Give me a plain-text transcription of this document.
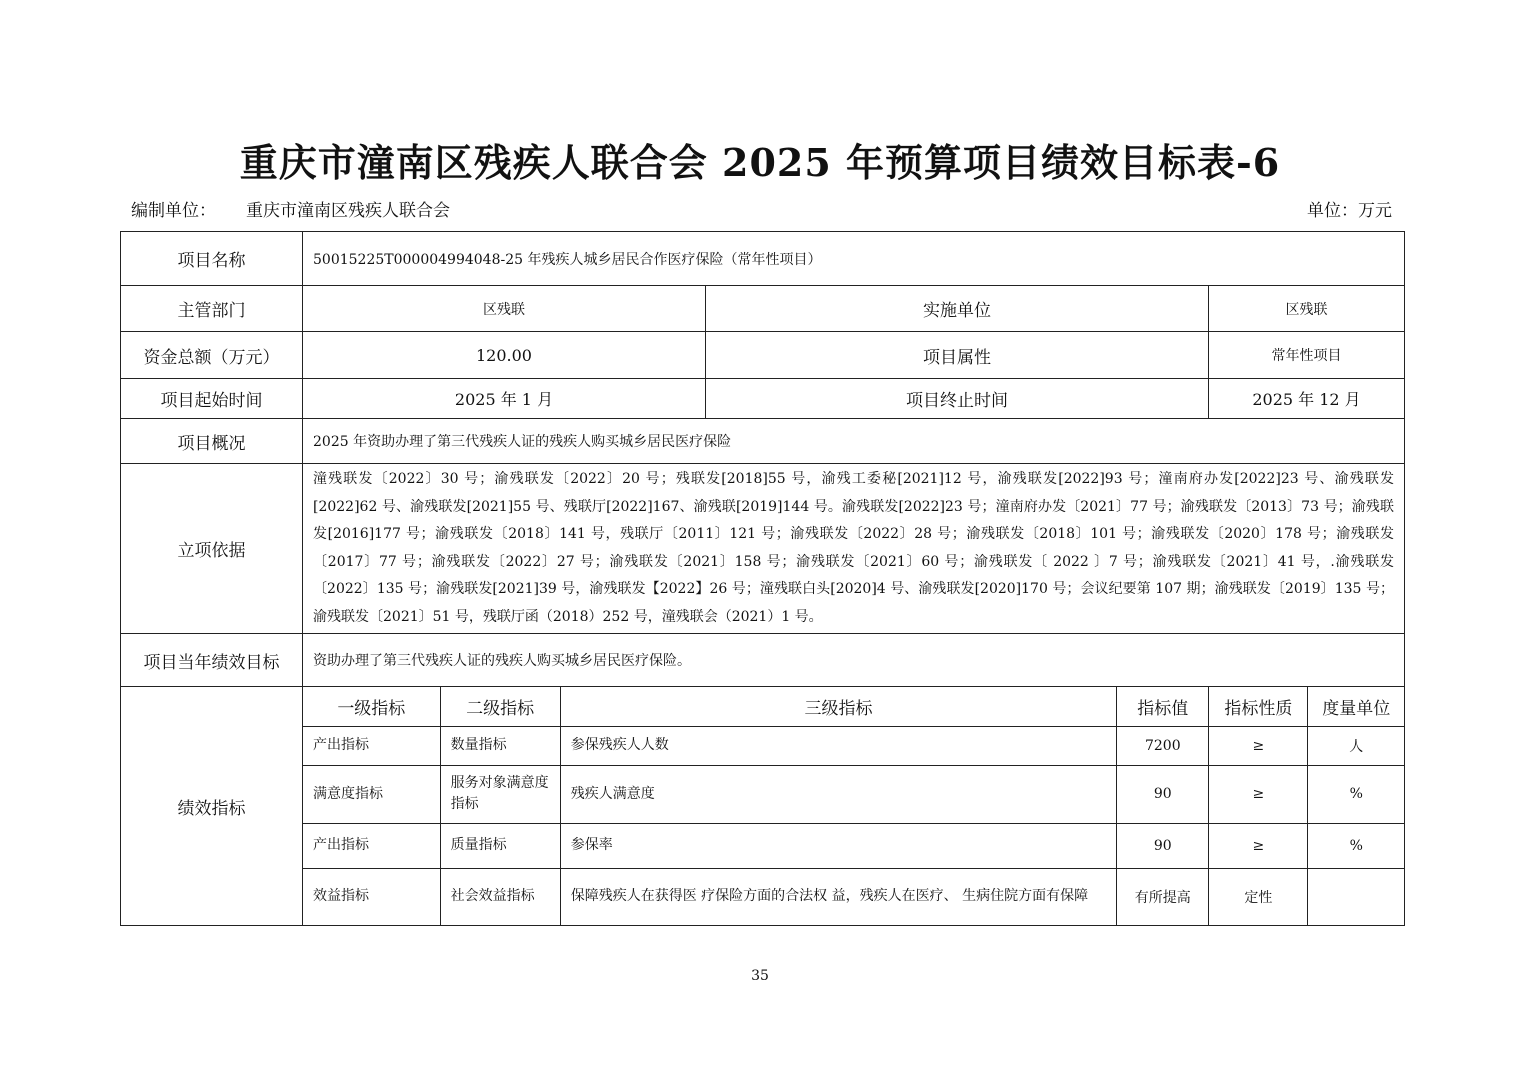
重庆市潼南区残疾人联合会 2025 年预算项目绩效目标表-6
编制单位： 重庆市潼南区残疾人联合会	单位：万元
项目名称	50015225T000004994048-25 年残疾人城乡居民合作医疗保险（常年性项目）
主管部门	区残联	实施单位	区残联
资金总额（万元）	120.00	项目属性	常年性项目
项目起始时间	2025 年 1 月	项目终止时间	2025 年 12 月
项目概况	2025 年资助办理了第三代残疾人证的残疾人购买城乡居民医疗保险
立项依据	潼残联发〔2022〕30 号；渝残联发〔2022〕20 号；残联发[2018]55 号，渝残工委秘[2021]12 号，渝残联发[2022]93 号；潼南府办发[2022]23 号、渝残联发[2022]62 号、渝残联发[2021]55 号、残联厅[2022]167、渝残联[2019]144 号。渝残联发[2022]23 号；潼南府办发〔2021〕77 号；渝残联发〔2013〕73 号；渝残联发[2016]177 号；渝残联发〔2018〕141 号，残联厅〔2011〕121 号；渝残联发〔2022〕28 号；渝残联发〔2018〕101 号；渝残联发〔2020〕178 号；渝残联发〔2017〕77 号；渝残联发〔2022〕27 号；渝残联发〔2021〕158 号；渝残联发〔2021〕60 号；渝残联发〔 2022 〕7 号；渝残联发〔2021〕41 号，.渝残联发〔2022〕135 号；渝残联发[2021]39 号，渝残联发【2022】26 号；潼残联白头[2020]4 号、渝残联发[2020]170 号；会议纪要第 107 期；渝残联发〔2019〕135 号；渝残联发〔2021〕51 号，残联厅函（2018）252 号，潼残联会（2021）1 号。
项目当年绩效目标	资助办理了第三代残疾人证的残疾人购买城乡居民医疗保险。
绩效指标	
一级指标	二级指标	三级指标	指标值	指标性质	度量单位
产出指标	数量指标	参保残疾人人数	7200	≥	人
满意度指标	服务对象满意度指标	残疾人满意度	90	≥	%
产出指标	质量指标	参保率	90	≥	%
效益指标	社会效益指标	保障残疾人在获得医 疗保险方面的合法权 益，残疾人在医疗、 生病住院方面有保障	有所提高	定性	
35
